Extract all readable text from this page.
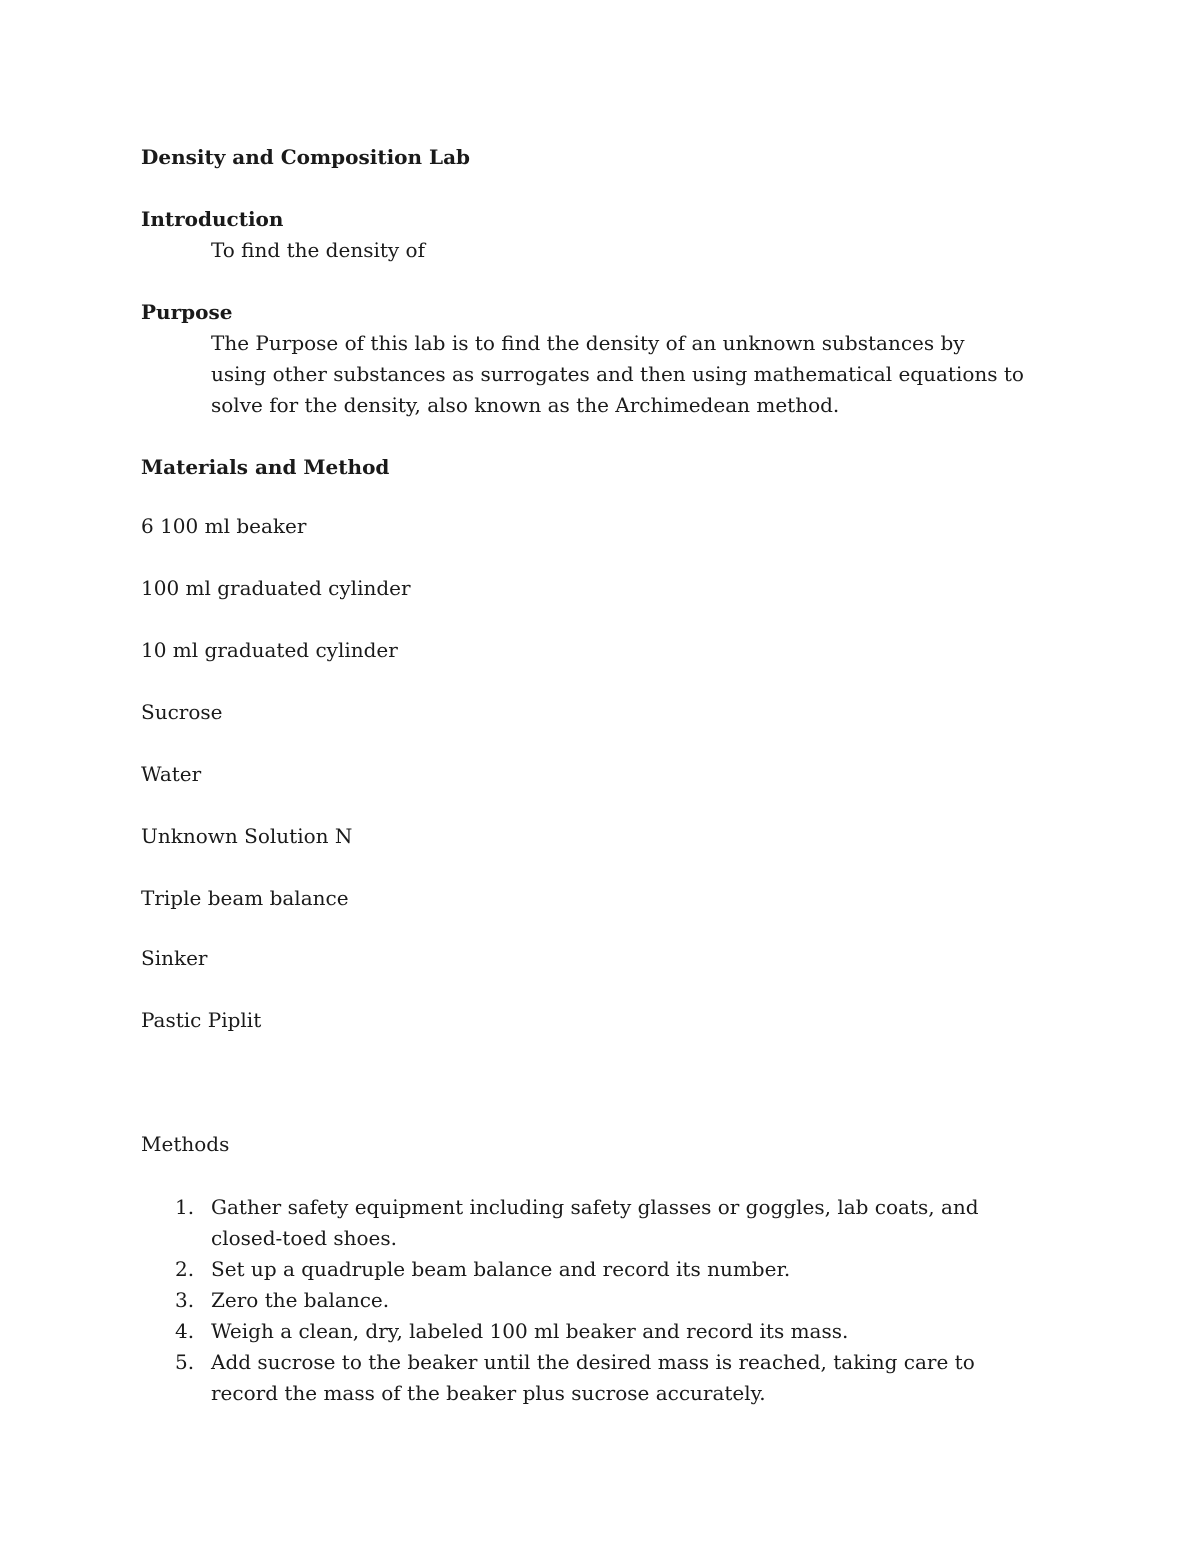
Density and Composition Lab
Introduction
To find the density of
Purpose
The Purpose of this lab is to find the density of an unknown substances by using other substances as surrogates and then using mathematical equations to solve for the density, also known as the Archimedean method.
Materials and Method
6 100 ml beaker
100 ml graduated cylinder
10 ml graduated cylinder
Sucrose
Water
Unknown Solution N
Triple beam balance
Sinker
Pastic Piplit
Methods
1. Gather safety equipment including safety glasses or goggles, lab coats, and closed-toed shoes.
2. Set up a quadruple beam balance and record its number.
3. Zero the balance.
4. Weigh a clean, dry, labeled 100 ml beaker and record its mass.
5. Add sucrose to the beaker until the desired mass is reached, taking care to record the mass of the beaker plus sucrose accurately.
